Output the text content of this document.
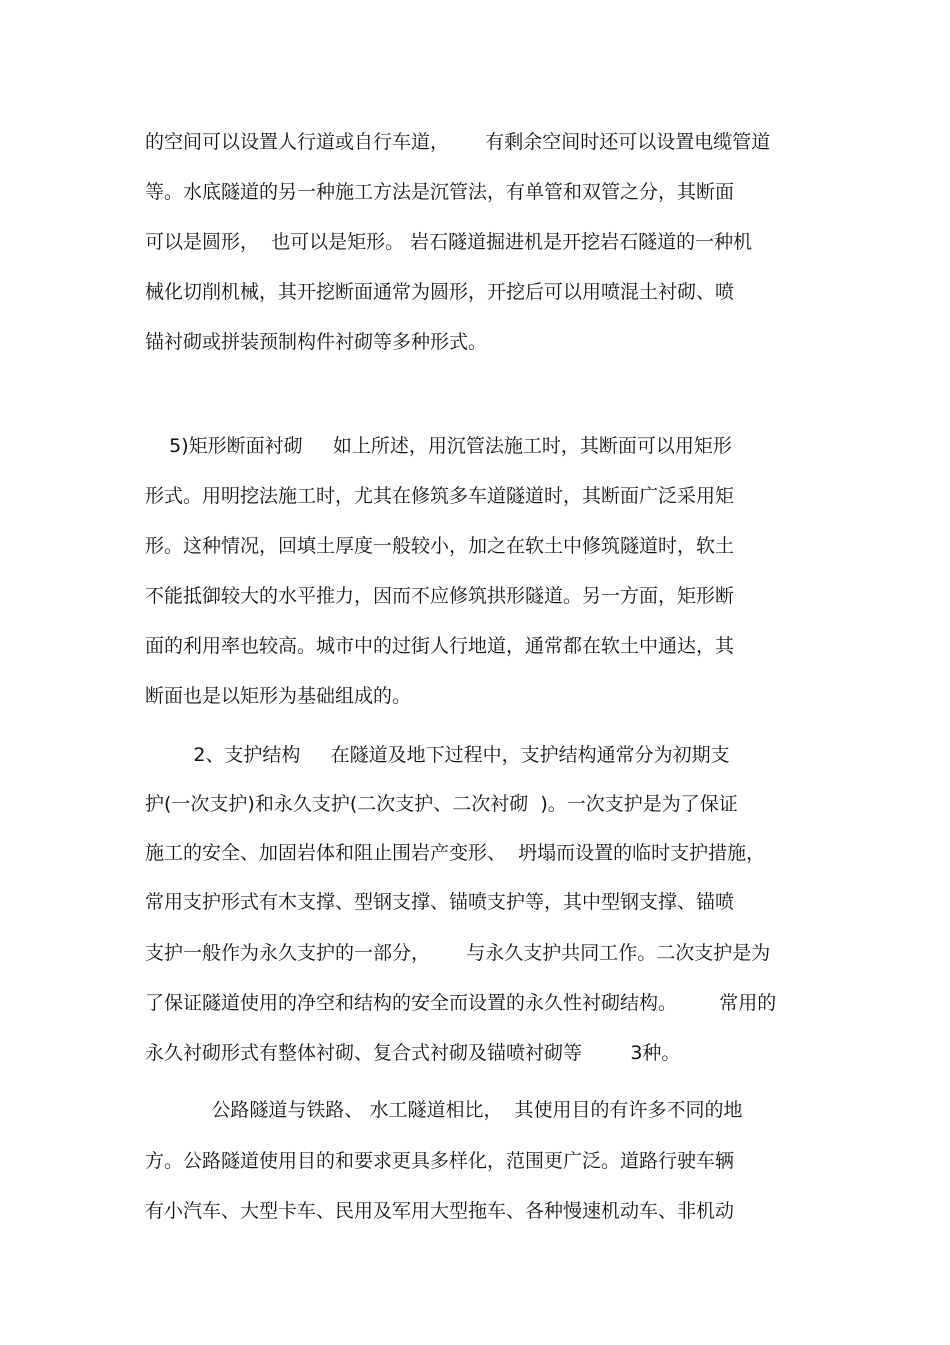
的空间可以设置人行道或自行车道，      有剩余空间时还可以设置电缆管道
等。水底隧道的另一种施工方法是沉管法，有单管和双管之分，其断面
可以是圆形，  也可以是矩形。 岩石隧道掘进机是开挖岩石隧道的一种机
械化切削机械，其开挖断面通常为圆形，开挖后可以用喷混土衬砌、喷
锚衬砌或拼装预制构件衬砌等多种形式。
5)矩形断面衬砌     如上所述，用沉管法施工时，其断面可以用矩形
形式。用明挖法施工时，尤其在修筑多车道隧道时，其断面广泛采用矩
形。这种情况，回填土厚度一般较小，加之在软土中修筑隧道时，软土
不能抵御较大的水平推力，因而不应修筑拱形隧道。另一方面，矩形断
面的利用率也较高。城市中的过街人行地道，通常都在软土中通达，其
断面也是以矩形为基础组成的。
2、支护结构     在隧道及地下过程中，支护结构通常分为初期支
护(一次支护)和永久支护(二次支护、二次衬砌  )。一次支护是为了保证
施工的安全、加固岩体和阻止围岩产变形、  坍塌而设置的临时支护措施，
常用支护形式有木支撑、型钢支撑、锚喷支护等，其中型钢支撑、锚喷
支护一般作为永久支护的一部分，      与永久支护共同工作。二次支护是为
了保证隧道使用的净空和结构的安全而设置的永久性衬砌结构。       常用的
永久衬砌形式有整体衬砌、复合式衬砌及锚喷衬砌等        3种。
公路隧道与铁路、 水工隧道相比，  其使用目的有许多不同的地
方。公路隧道使用目的和要求更具多样化，范围更广泛。道路行驶车辆
有小汽车、大型卡车、民用及军用大型拖车、各种慢速机动车、非机动
